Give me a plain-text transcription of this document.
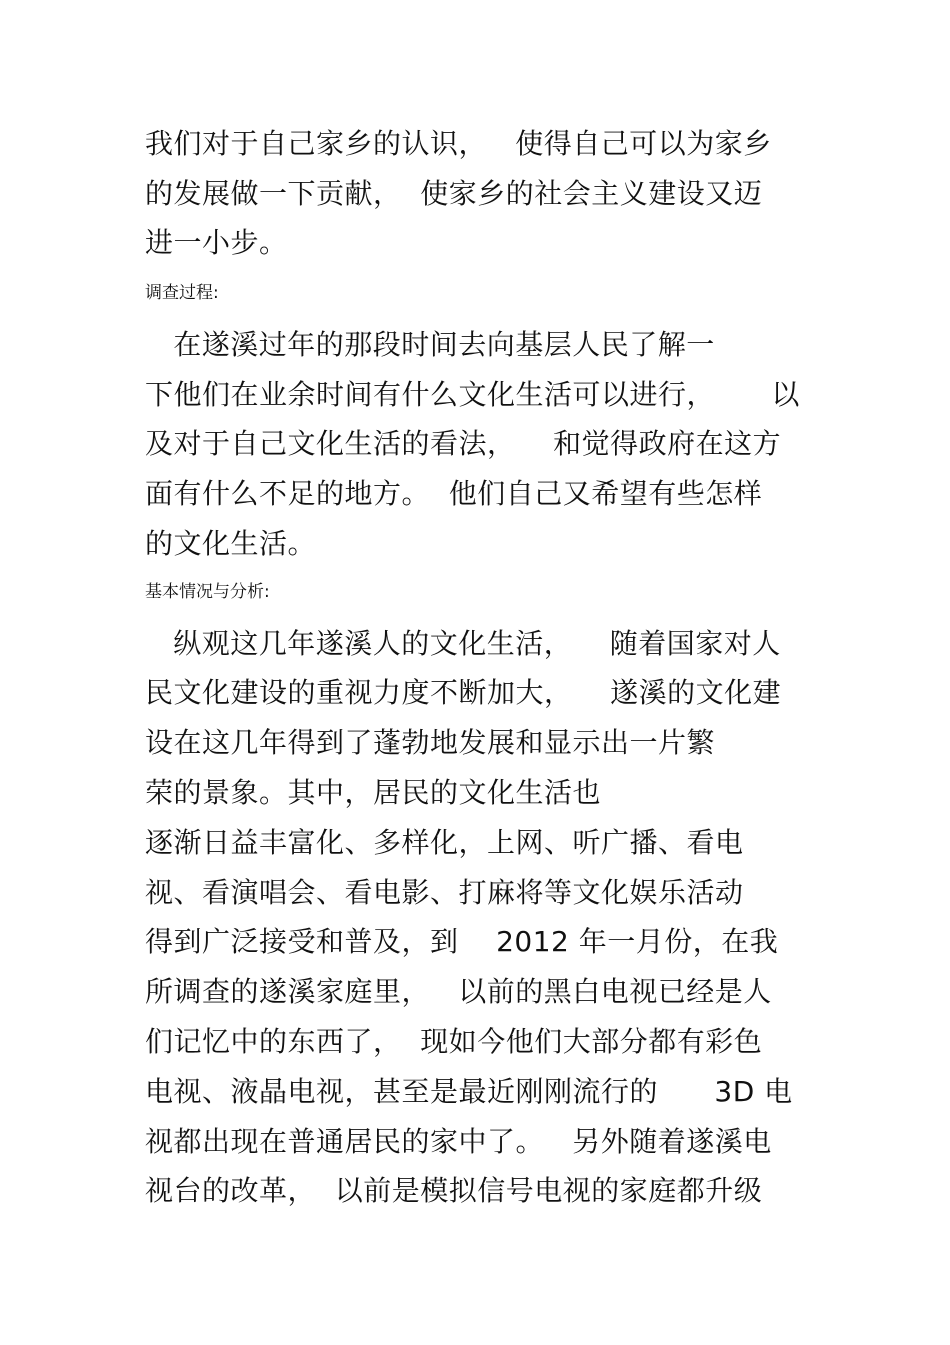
我们对于自己家乡的认识，   使得自己可以为家乡
的发展做一下贡献，  使家乡的社会主义建设又迈
进一小步。
调查过程:
在遂溪过年的那段时间去向基层人民了解一
下他们在业余时间有什么文化生活可以进行，      以
及对于自己文化生活的看法，    和觉得政府在这方
面有什么不足的地方。  他们自己又希望有些怎样
的文化生活。
基本情况与分析:
纵观这几年遂溪人的文化生活，    随着国家对人
民文化建设的重视力度不断加大，    遂溪的文化建
设在这几年得到了蓬勃地发展和显示出一片繁
荣的景象。其中，居民的文化生活也
逐渐日益丰富化、多样化，上网、听广播、看电
视、看演唱会、看电影、打麻将等文化娱乐活动
得到广泛接受和普及，到    2012 年一月份，在我
所调查的遂溪家庭里，   以前的黑白电视已经是人
们记忆中的东西了，  现如今他们大部分都有彩色
电视、液晶电视，甚至是最近刚刚流行的      3D 电
视都出现在普通居民的家中了。   另外随着遂溪电
视台的改革，  以前是模拟信号电视的家庭都升级
